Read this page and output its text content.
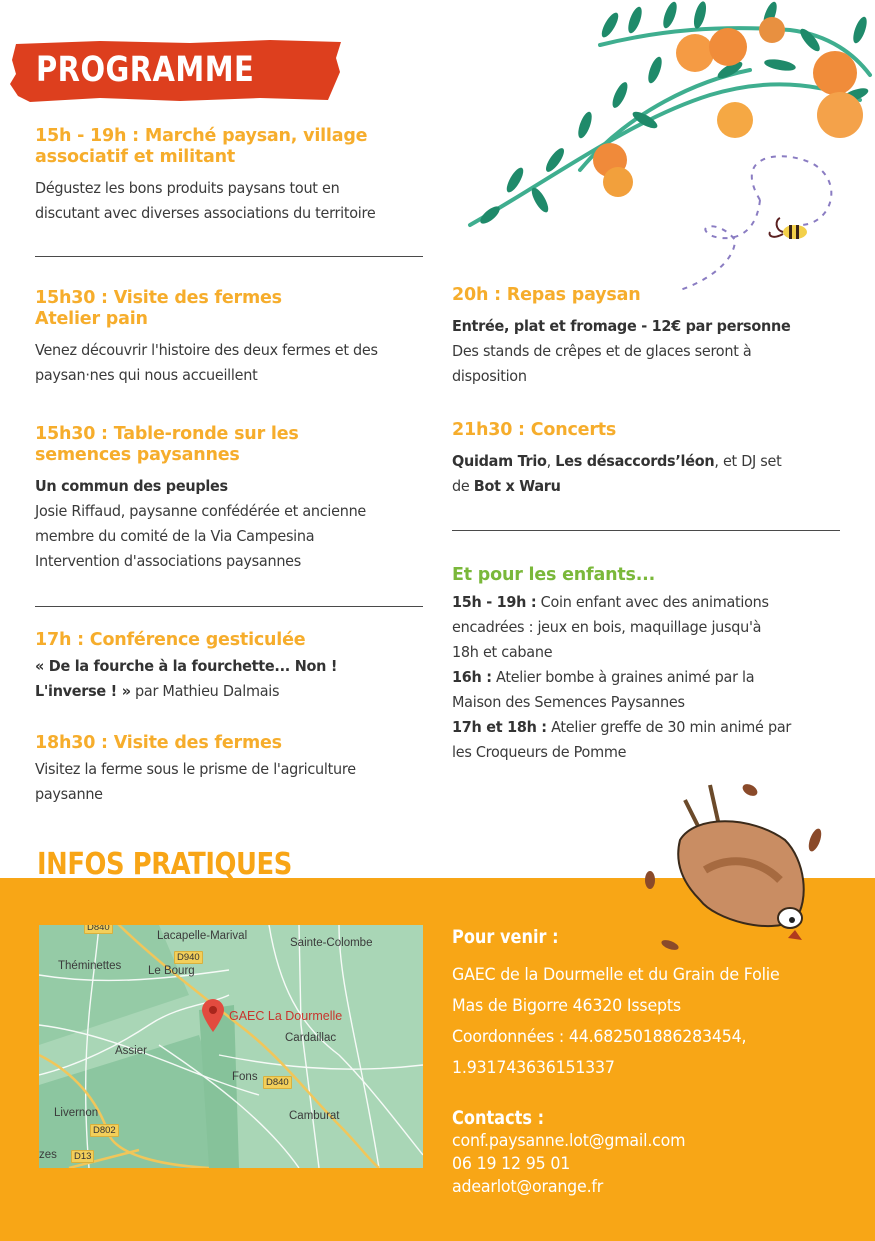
PROGRAMME
15h - 19h : Marché paysan, village
associatif et militant
Dégustez les bons produits paysans tout en
discutant avec diverses associations du territoire
15h30 : Visite des fermes
Atelier pain
Venez découvrir l'histoire des deux fermes et des
paysan·nes qui nous accueillent
15h30 : Table-ronde sur les
semences paysannes
Un commun des peuples
Josie Riffaud, paysanne confédérée et ancienne
membre du comité de la Via Campesina
Intervention d'associations paysannes
17h : Conférence gesticulée
« De la fourche à la fourchette... Non !
L'inverse ! » par Mathieu Dalmais
18h30 : Visite des fermes
Visitez la ferme sous le prisme de l'agriculture
paysanne
20h : Repas paysan
Entrée, plat et fromage - 12€ par personne
Des stands de crêpes et de glaces seront à
disposition
21h30 : Concerts
Quidam Trio, Les désaccords’léon, et DJ set
de Bot x Waru
Et pour les enfants...
15h - 19h : Coin enfant avec des animations
encadrées : jeux en bois, maquillage jusqu'à
18h et cabane
16h : Atelier bombe à graines animé par la
Maison des Semences Paysannes
17h et 18h : Atelier greffe de 30 min animé par
les Croqueurs de Pomme
INFOS PRATIQUES
Lacapelle-Marival
Sainte-Colombe
Théminettes Le Bourg
Cardaillac
Assier
Fons
Livernon	Camburat
zes
D840
D940
D840
D802
D13
GAEC La Dourmelle
Pour venir :
GAEC de la Dourmelle et du Grain de Folie
Mas de Bigorre 46320 Issepts
Coordonnées : 44.682501886283454,
1.931743636151337
Contacts :
conf.paysanne.lot@gmail.com
06 19 12 95 01
adearlot@orange.fr
